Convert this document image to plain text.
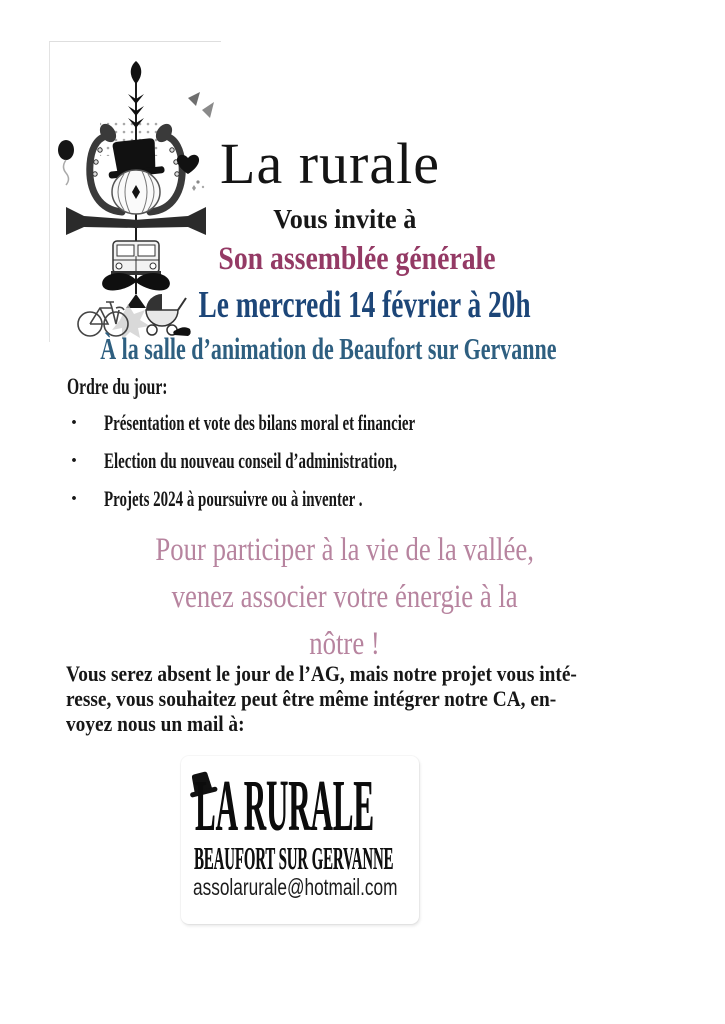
La rurale
Vous invite à
Son assemblée générale
Le mercredi 14 février à 20h
À la salle d’animation de Beaufort sur Gervanne
Ordre du jour:
·	Présentation et vote des bilans moral et financier
·	Election du nouveau conseil d’administration,
·	Projets 2024 à poursuivre ou à inventer .
Pour participer à la vie de la vallée,
venez associer votre énergie à la
nôtre !
Vous serez absent le jour de l’AG, mais notre projet vous inté-
resse, vous souhaitez peut être même intégrer notre CA, en-
voyez nous un mail à:
LA RURALE
BEAUFORT SUR GERVANNE
assolarurale@hotmail.com
